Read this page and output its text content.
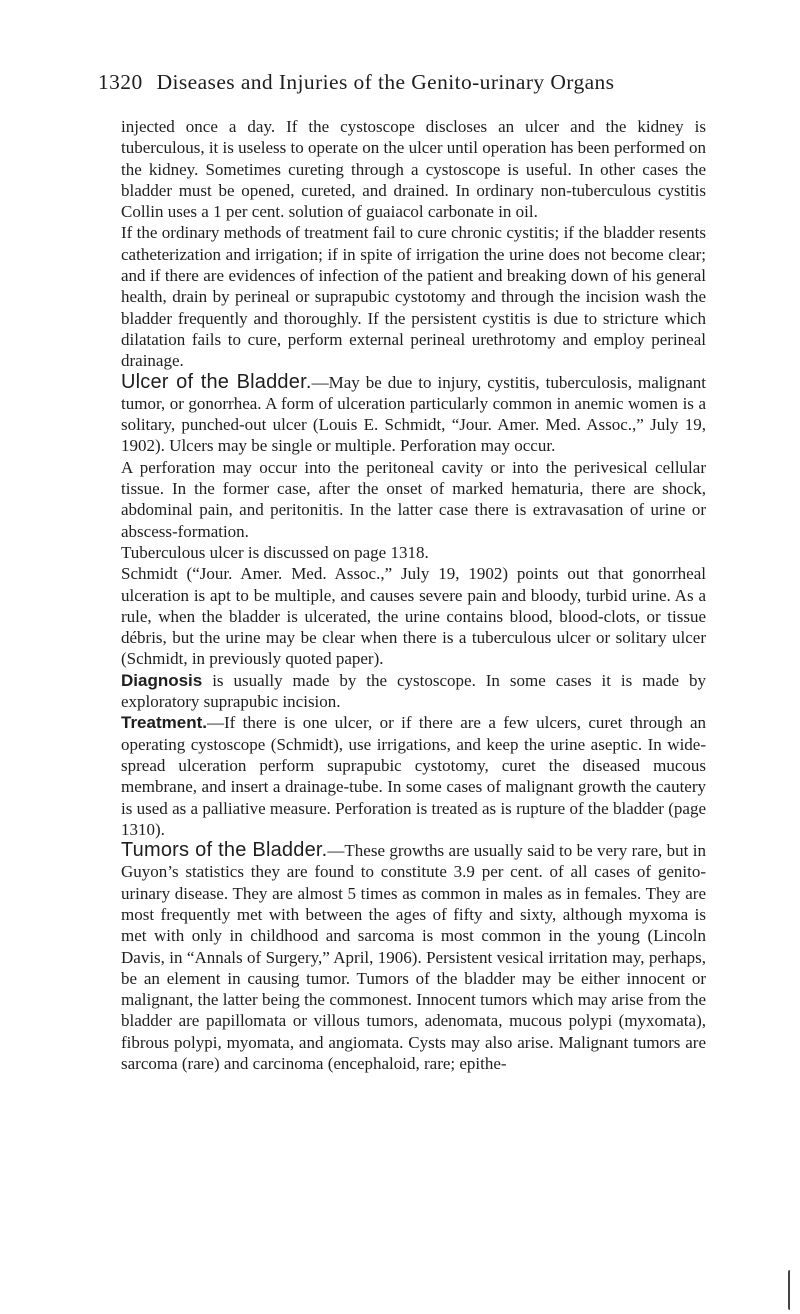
1320 Diseases and Injuries of the Genito-urinary Organs

injected once a day. If the cystoscope discloses an ulcer and the kidney is tuberculous, it is useless to operate on the ulcer until operation has been performed on the kidney. Sometimes cureting through a cystoscope is useful. In other cases the bladder must be opened, cureted, and drained. In ordinary non-tuberculous cystitis Collin uses a 1 per cent. solution of guaiacol carbonate in oil.

If the ordinary methods of treatment fail to cure chronic cystitis; if the bladder resents catheterization and irrigation; if in spite of irrigation the urine does not become clear; and if there are evidences of infection of the patient and breaking down of his general health, drain by perineal or suprapubic cystotomy and through the incision wash the bladder frequently and thoroughly. If the persistent cystitis is due to stricture which dilatation fails to cure, perform external perineal urethrotomy and employ perineal drainage.

Ulcer of the Bladder.—May be due to injury, cystitis, tuberculosis, malignant tumor, or gonorrhea. A form of ulceration particularly common in anemic women is a solitary, punched-out ulcer (Louis E. Schmidt, “Jour. Amer. Med. Assoc.,” July 19, 1902). Ulcers may be single or multiple. Perforation may occur.

A perforation may occur into the peritoneal cavity or into the perivesical cellular tissue. In the former case, after the onset of marked hematuria, there are shock, abdominal pain, and peritonitis. In the latter case there is extravasation of urine or abscess-formation.

Tuberculous ulcer is discussed on page 1318.

Schmidt (“Jour. Amer. Med. Assoc.,” July 19, 1902) points out that gonorrheal ulceration is apt to be multiple, and causes severe pain and bloody, turbid urine. As a rule, when the bladder is ulcerated, the urine contains blood, blood-clots, or tissue débris, but the urine may be clear when there is a tuberculous ulcer or solitary ulcer (Schmidt, in previously quoted paper).

Diagnosis is usually made by the cystoscope. In some cases it is made by exploratory suprapubic incision.

Treatment.—If there is one ulcer, or if there are a few ulcers, curet through an operating cystoscope (Schmidt), use irrigations, and keep the urine aseptic. In wide-spread ulceration perform suprapubic cystotomy, curet the diseased mucous membrane, and insert a drainage-tube. In some cases of malignant growth the cautery is used as a palliative measure. Perforation is treated as is rupture of the bladder (page 1310).

Tumors of the Bladder.—These growths are usually said to be very rare, but in Guyon’s statistics they are found to constitute 3.9 per cent. of all cases of genito-urinary disease. They are almost 5 times as common in males as in females. They are most frequently met with between the ages of fifty and sixty, although myxoma is met with only in childhood and sarcoma is most common in the young (Lincoln Davis, in “Annals of Surgery,” April, 1906). Persistent vesical irritation may, perhaps, be an element in causing tumor. Tumors of the bladder may be either innocent or malignant, the latter being the commonest. Innocent tumors which may arise from the bladder are papillomata or villous tumors, adenomata, mucous polypi (myxomata), fibrous polypi, myomata, and angiomata. Cysts may also arise. Malignant tumors are sarcoma (rare) and carcinoma (encephaloid, rare; epithe-
